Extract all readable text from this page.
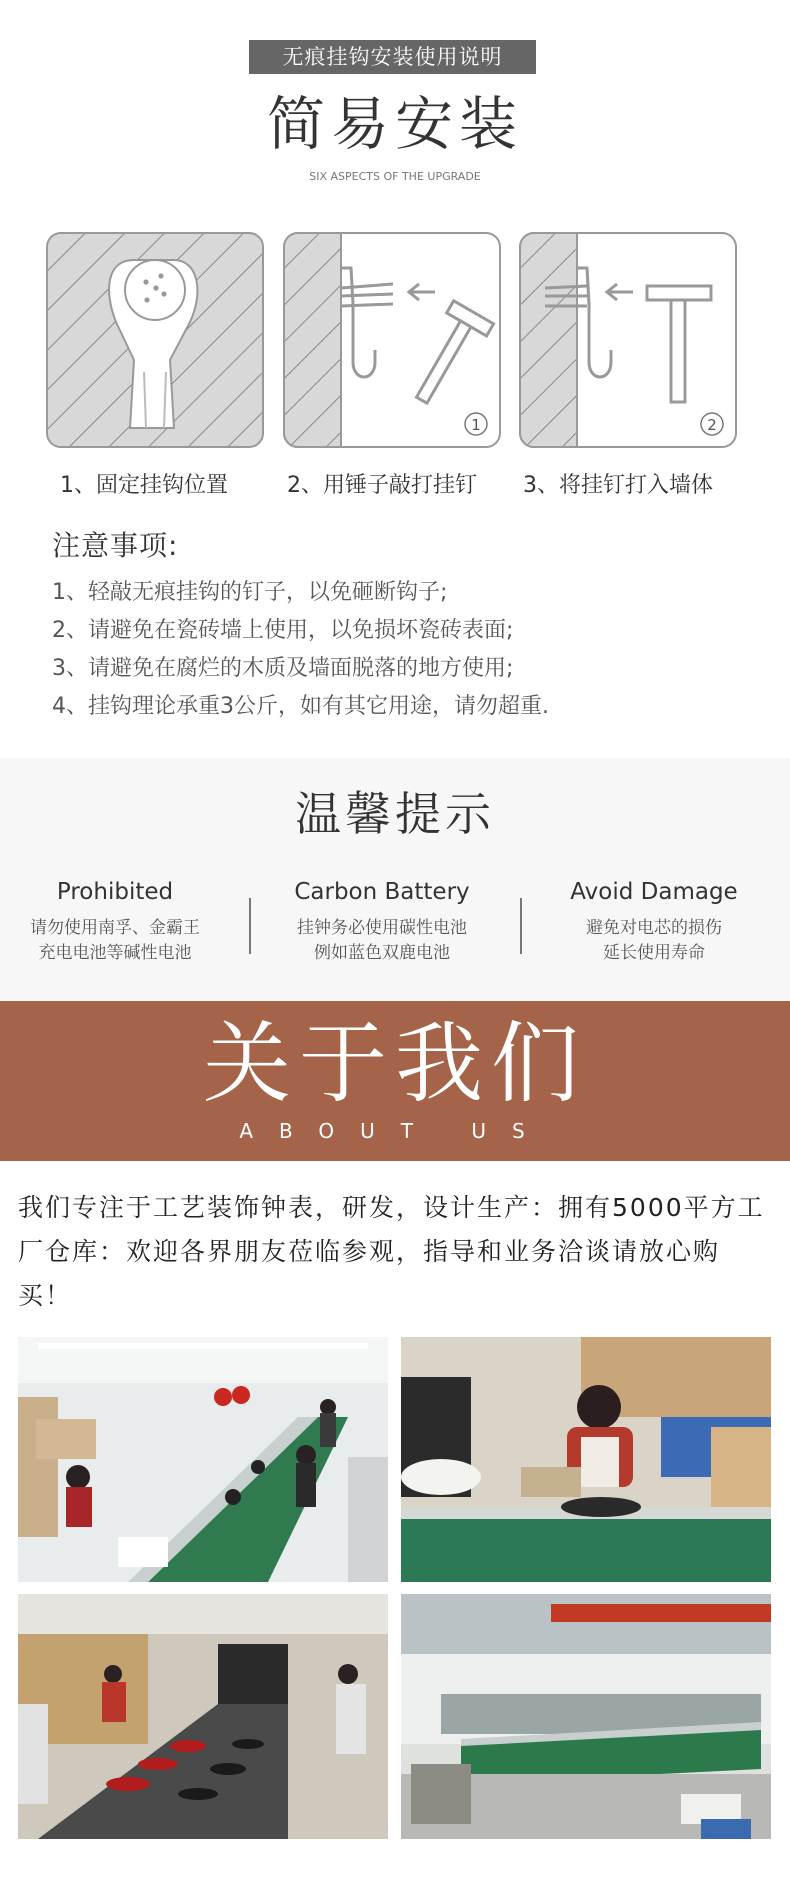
无痕挂钩安装使用说明
简易安装
SIX ASPECTS OF THE UPGRADE
1	2
1、固定挂钩位置	2、用锤子敲打挂钉 3、将挂钉打入墙体
注意事项:
1、轻敲无痕挂钩的钉子，以免砸断钩子;
2、请避免在瓷砖墙上使用，以免损坏瓷砖表面;
3、请避免在腐烂的木质及墙面脱落的地方使用;
4、挂钩理论承重3公斤，如有其它用途，请勿超重.
温馨提示
Prohibited
请勿使用南孚、金霸王
充电电池等碱性电池
Carbon Battery
挂钟务必使用碳性电池
例如蓝色双鹿电池
Avoid Damage
避免对电芯的损伤
延长使用寿命
关于我们
ABOUT US
我们专注于工艺装饰钟表，研发，设计生产：拥有5000平方工厂仓库：欢迎各界朋友莅临参观，指导和业务洽谈请放心购买！
